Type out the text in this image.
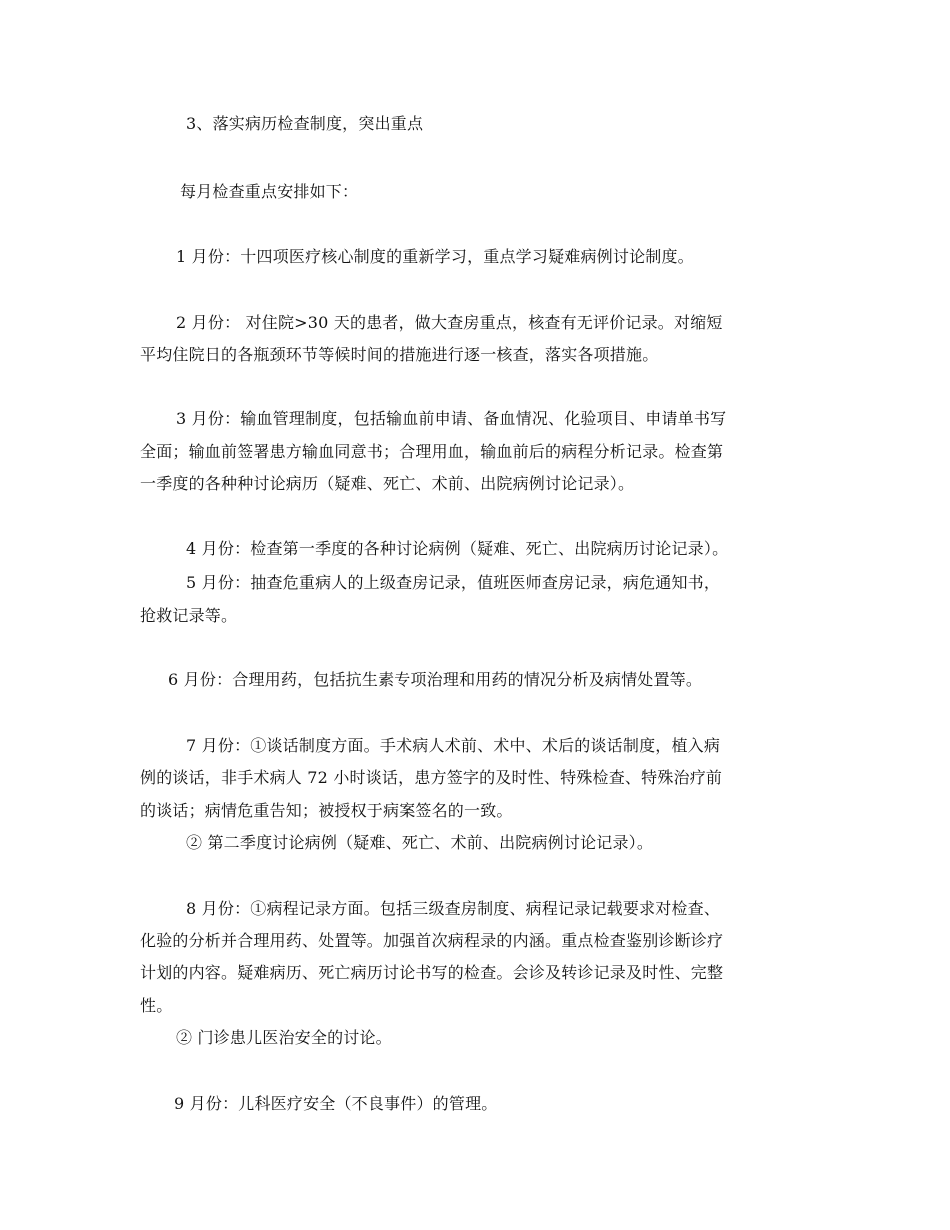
3、落实病历检查制度，突出重点
每月检查重点安排如下：
1 月份：十四项医疗核心制度的重新学习，重点学习疑难病例讨论制度。
2 月份： 对住院>30 天的患者，做大查房重点，核查有无评价记录。对缩短
平均住院日的各瓶颈环节等候时间的措施进行逐一核查，落实各项措施。
3 月份：输血管理制度，包括输血前申请、备血情况、化验项目、申请单书写
全面；输血前签署患方输血同意书；合理用血，输血前后的病程分析记录。检查第
一季度的各种种讨论病历（疑难、死亡、术前、出院病例讨论记录）。
4 月份：检查第一季度的各种讨论病例（疑难、死亡、出院病历讨论记录）。
5 月份：抽查危重病人的上级查房记录，值班医师查房记录，病危通知书，
抢救记录等。
6 月份：合理用药，包括抗生素专项治理和用药的情况分析及病情处置等。
7 月份：①谈话制度方面。手术病人术前、术中、术后的谈话制度，植入病
例的谈话，非手术病人 72 小时谈话，患方签字的及时性、特殊检查、特殊治疗前
的谈话；病情危重告知；被授权于病案签名的一致。
② 第二季度讨论病例（疑难、死亡、术前、出院病例讨论记录）。
8 月份：①病程记录方面。包括三级查房制度、病程记录记载要求对检查、
化验的分析并合理用药、处置等。加强首次病程录的内涵。重点检查鉴别诊断诊疗
计划的内容。疑难病历、死亡病历讨论书写的检查。会诊及转诊记录及时性、完整
性。
② 门诊患儿医治安全的讨论。
9 月份：儿科医疗安全（不良事件）的管理。
